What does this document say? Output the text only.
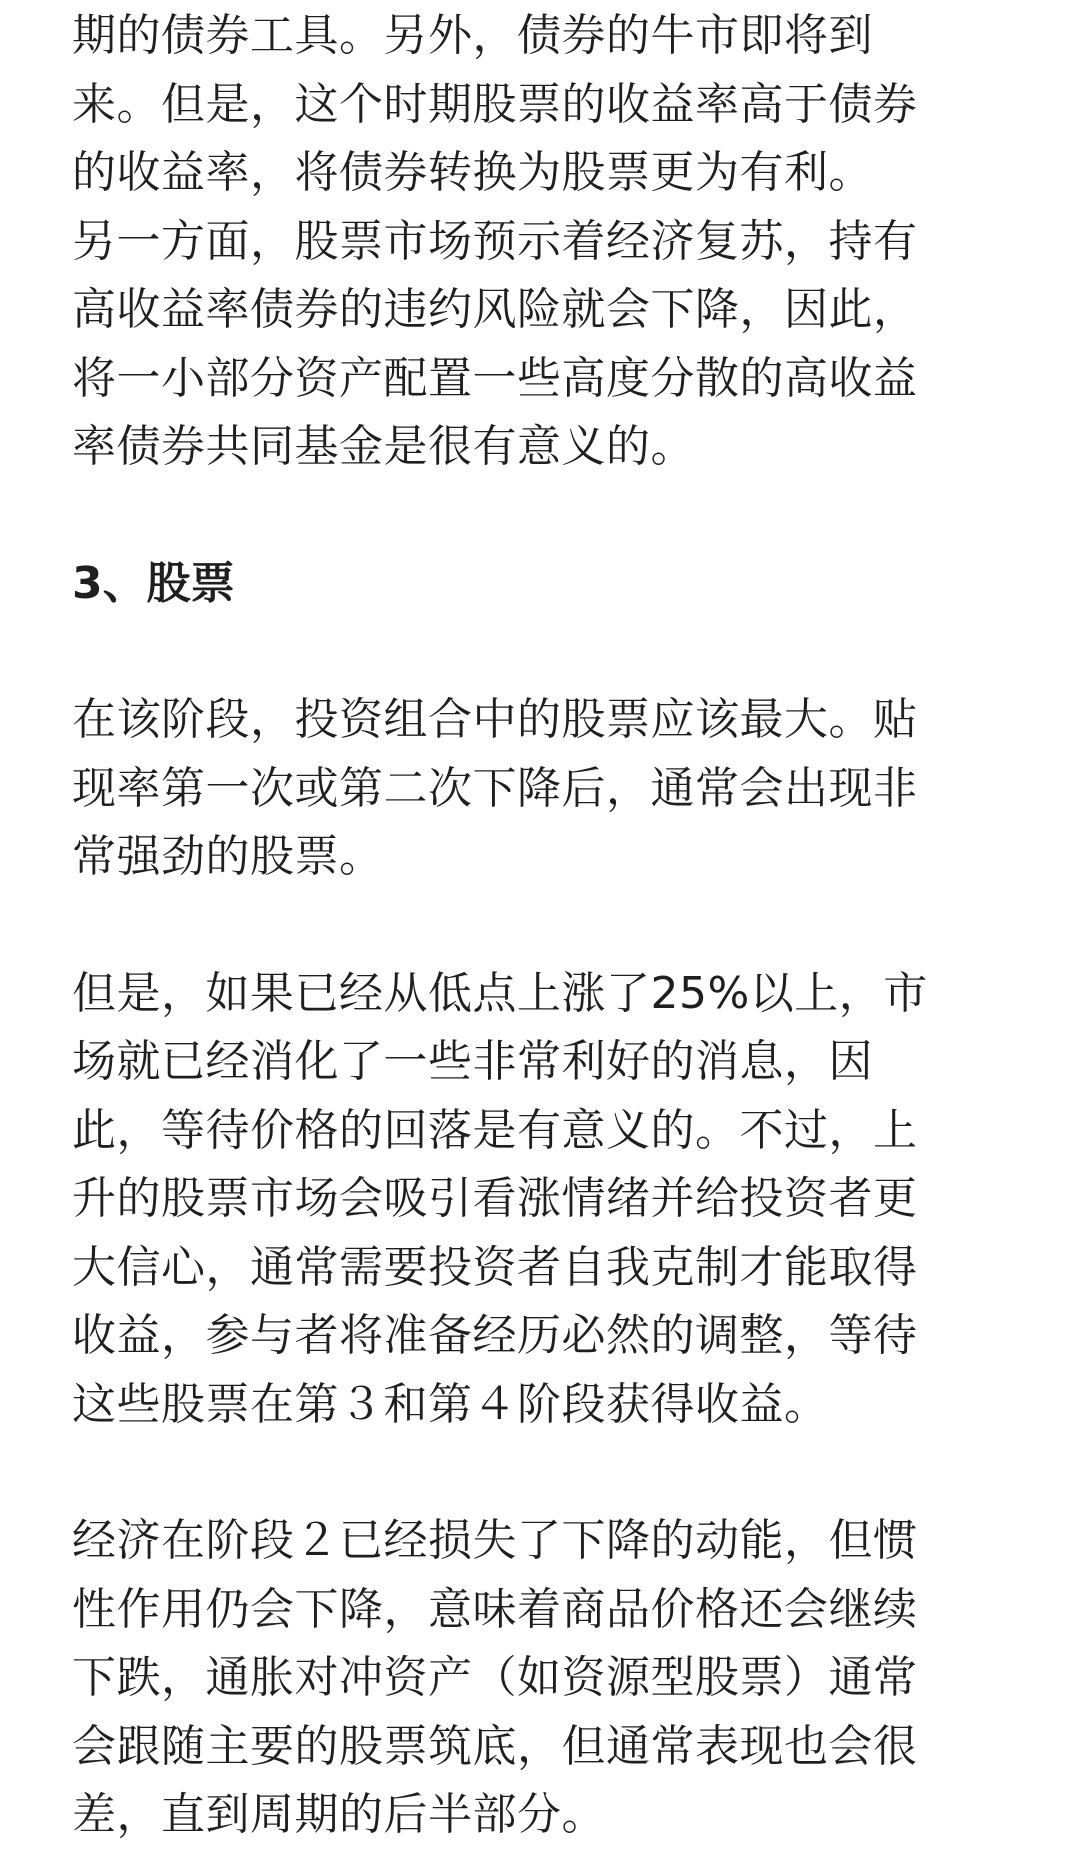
期的债券工具。另外，债券的牛市即将到
来。但是，这个时期股票的收益率高于债券
的收益率，将债券转换为股票更为有利。
另一方面，股票市场预示着经济复苏，持有
高收益率债券的违约风险就会下降，因此，
将一小部分资产配置一些高度分散的高收益
率债券共同基金是很有意义的。
3、股票
在该阶段，投资组合中的股票应该最大。贴
现率第一次或第二次下降后，通常会出现非
常强劲的股票。
但是，如果已经从低点上涨了25%以上，市
场就已经消化了一些非常利好的消息，因
此，等待价格的回落是有意义的。不过，上
升的股票市场会吸引看涨情绪并给投资者更
大信心，通常需要投资者自我克制才能取得
收益，参与者将准备经历必然的调整，等待
这些股票在第３和第４阶段获得收益。
经济在阶段２已经损失了下降的动能，但惯
性作用仍会下降，意味着商品价格还会继续
下跌，通胀对冲资产（如资源型股票）通常
会跟随主要的股票筑底，但通常表现也会很
差，直到周期的后半部分。
